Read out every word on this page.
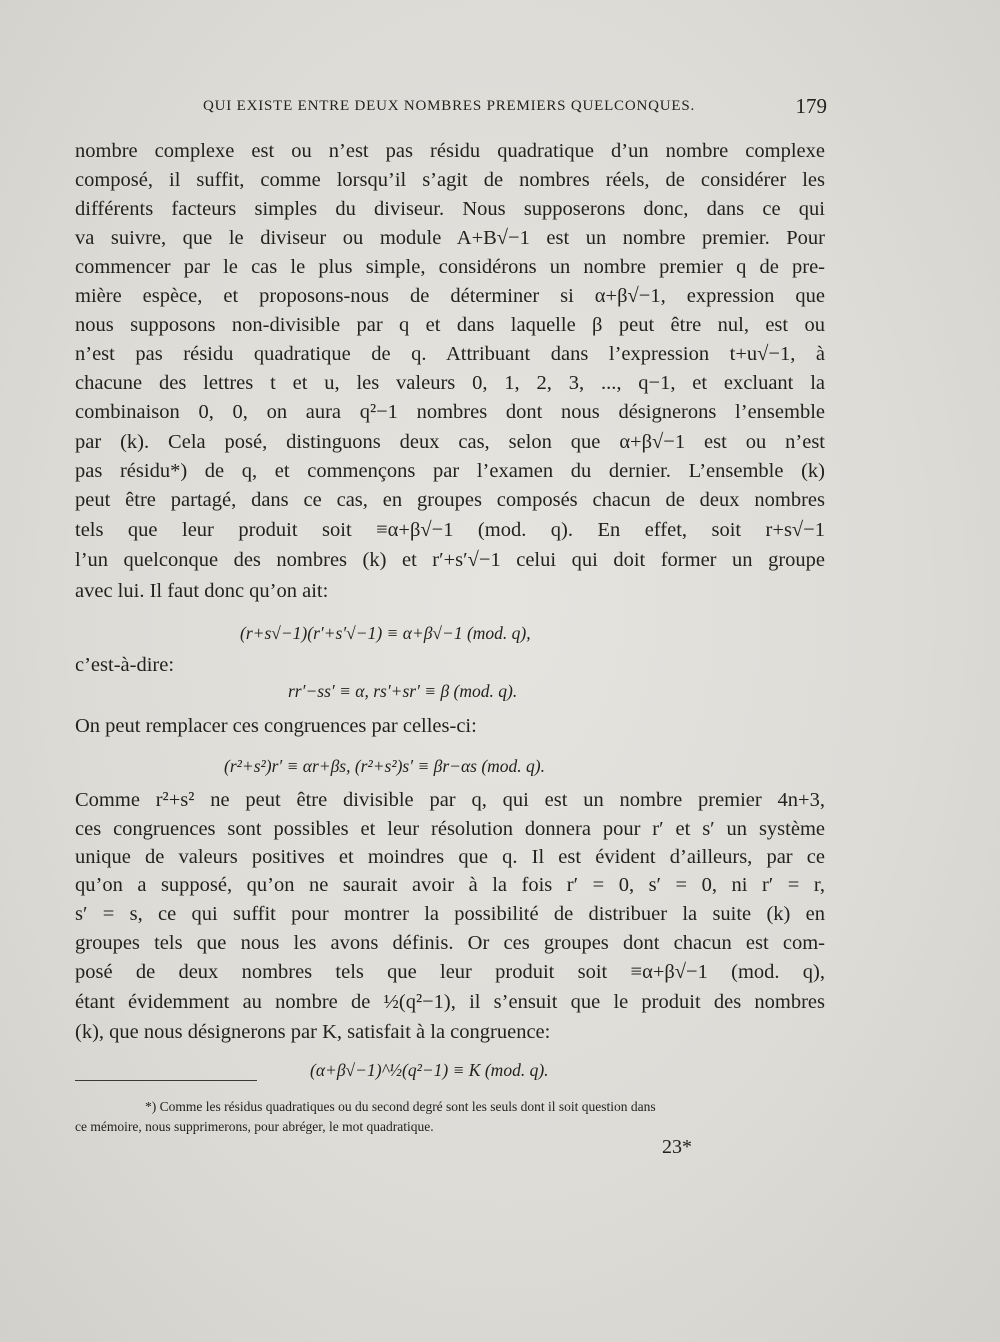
QUI EXISTE ENTRE DEUX NOMBRES PREMIERS QUELCONQUES.	179
nombre complexe est ou n’est pas résidu quadratique d’un nombre complexe
composé, il suffit, comme lorsqu’il s’agit de nombres réels, de considérer les
différents facteurs simples du diviseur. Nous supposerons donc, dans ce qui
va suivre, que le diviseur ou module A+B√−1 est un nombre premier. Pour
commencer par le cas le plus simple, considérons un nombre premier q de pre-
mière espèce, et proposons-nous de déterminer si α+β√−1, expression que
nous supposons non-divisible par q et dans laquelle β peut être nul, est ou
n’est pas résidu quadratique de q. Attribuant dans l’expression t+u√−1, à
chacune des lettres t et u, les valeurs 0, 1, 2, 3, ..., q−1, et excluant la
combinaison 0, 0, on aura q²−1 nombres dont nous désignerons l’ensemble
par (k). Cela posé, distinguons deux cas, selon que α+β√−1 est ou n’est
pas résidu*) de q, et commençons par l’examen du dernier. L’ensemble (k)
peut être partagé, dans ce cas, en groupes composés chacun de deux nombres
tels que leur produit soit ≡α+β√−1 (mod. q). En effet, soit r+s√−1
l’un quelconque des nombres (k) et r′+s′√−1 celui qui doit former un groupe
avec lui. Il faut donc qu’on ait:
(r+s√−1)(r′+s′√−1) ≡ α+β√−1 (mod. q),
c’est-à-dire:
rr′−ss′ ≡ α, rs′+sr′ ≡ β (mod. q).
On peut remplacer ces congruences par celles-ci:
(r²+s²)r′ ≡ αr+βs, (r²+s²)s′ ≡ βr−αs (mod. q).
Comme r²+s² ne peut être divisible par q, qui est un nombre premier 4n+3,
ces congruences sont possibles et leur résolution donnera pour r′ et s′ un système
unique de valeurs positives et moindres que q. Il est évident d’ailleurs, par ce
qu’on a supposé, qu’on ne saurait avoir à la fois r′ = 0, s′ = 0, ni r′ = r,
s′ = s, ce qui suffit pour montrer la possibilité de distribuer la suite (k) en
groupes tels que nous les avons définis. Or ces groupes dont chacun est com-
posé de deux nombres tels que leur produit soit ≡α+β√−1 (mod. q),
étant évidemment au nombre de ½(q²−1), il s’ensuit que le produit des nombres
(k), que nous désignerons par K, satisfait à la congruence:
(α+β√−1)^½(q²−1) ≡ K (mod. q).
*) Comme les résidus quadratiques ou du second degré sont les seuls dont il soit question dans
ce mémoire, nous supprimerons, pour abréger, le mot quadratique.
23*
